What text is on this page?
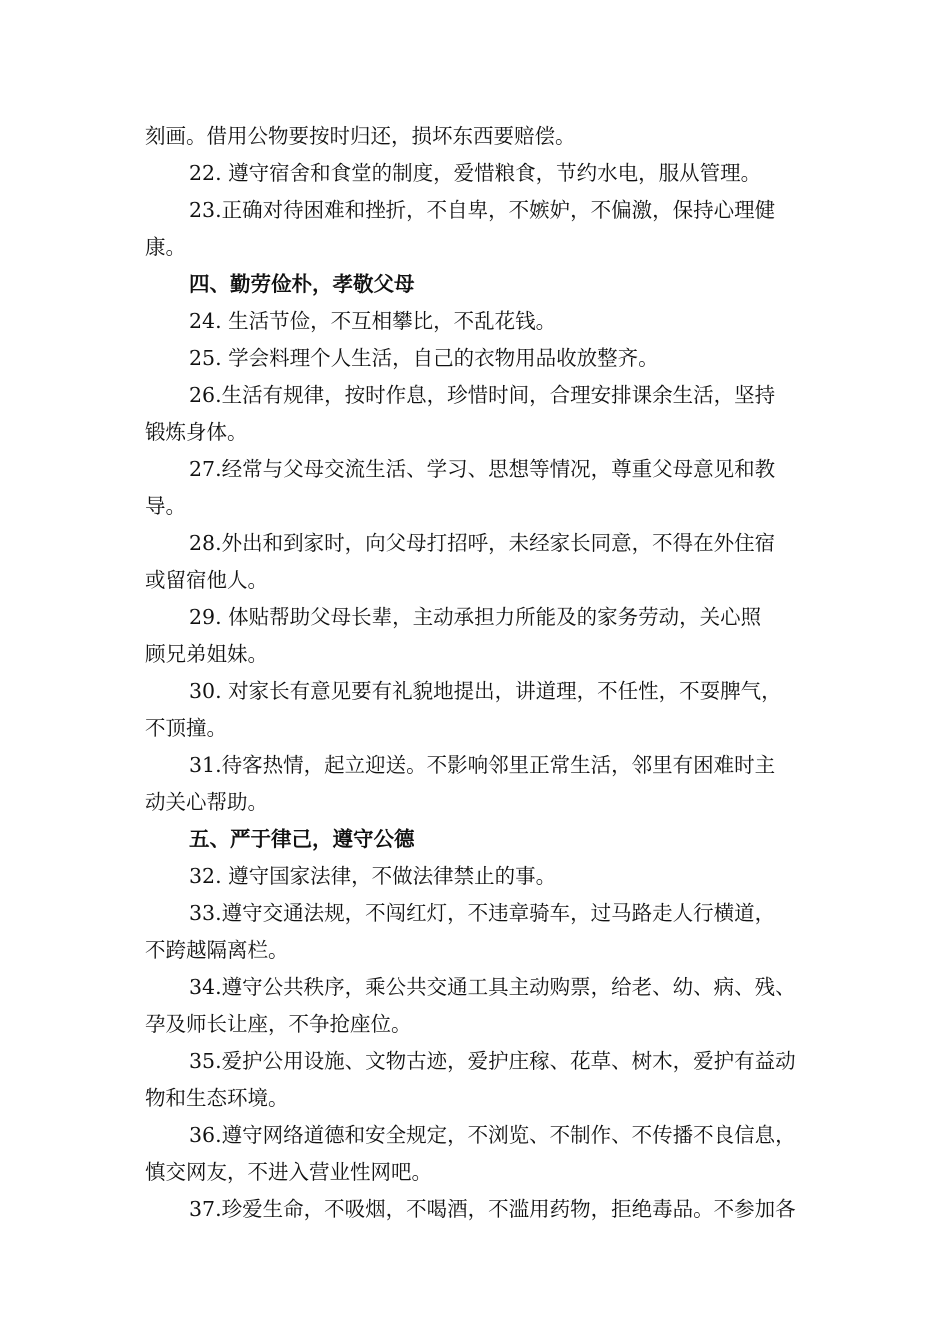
刻画。借用公物要按时归还，损坏东西要赔偿。
22. 遵守宿舍和食堂的制度，爱惜粮食，节约水电，服从管理。
23.正确对待困难和挫折，不自卑，不嫉妒，不偏激，保持心理健
康。
四、勤劳俭朴，孝敬父母
24. 生活节俭，不互相攀比，不乱花钱。
25. 学会料理个人生活，自己的衣物用品收放整齐。
26.生活有规律，按时作息，珍惜时间，合理安排课余生活，坚持
锻炼身体。
27.经常与父母交流生活、学习、思想等情况，尊重父母意见和教
导。
28.外出和到家时，向父母打招呼，未经家长同意，不得在外住宿
或留宿他人。
29. 体贴帮助父母长辈，主动承担力所能及的家务劳动，关心照
顾兄弟姐妹。
30. 对家长有意见要有礼貌地提出，讲道理，不任性，不耍脾气，
不顶撞。
31.待客热情，起立迎送。不影响邻里正常生活，邻里有困难时主
动关心帮助。
五、严于律己，遵守公德
32. 遵守国家法律，不做法律禁止的事。
33.遵守交通法规，不闯红灯，不违章骑车，过马路走人行横道，
不跨越隔离栏。
34.遵守公共秩序，乘公共交通工具主动购票，给老、幼、病、残、
孕及师长让座，不争抢座位。
35.爱护公用设施、文物古迹，爱护庄稼、花草、树木，爱护有益动
物和生态环境。
36.遵守网络道德和安全规定，不浏览、不制作、不传播不良信息，
慎交网友，不进入营业性网吧。
37.珍爱生命，不吸烟，不喝酒，不滥用药物，拒绝毒品。不参加各
